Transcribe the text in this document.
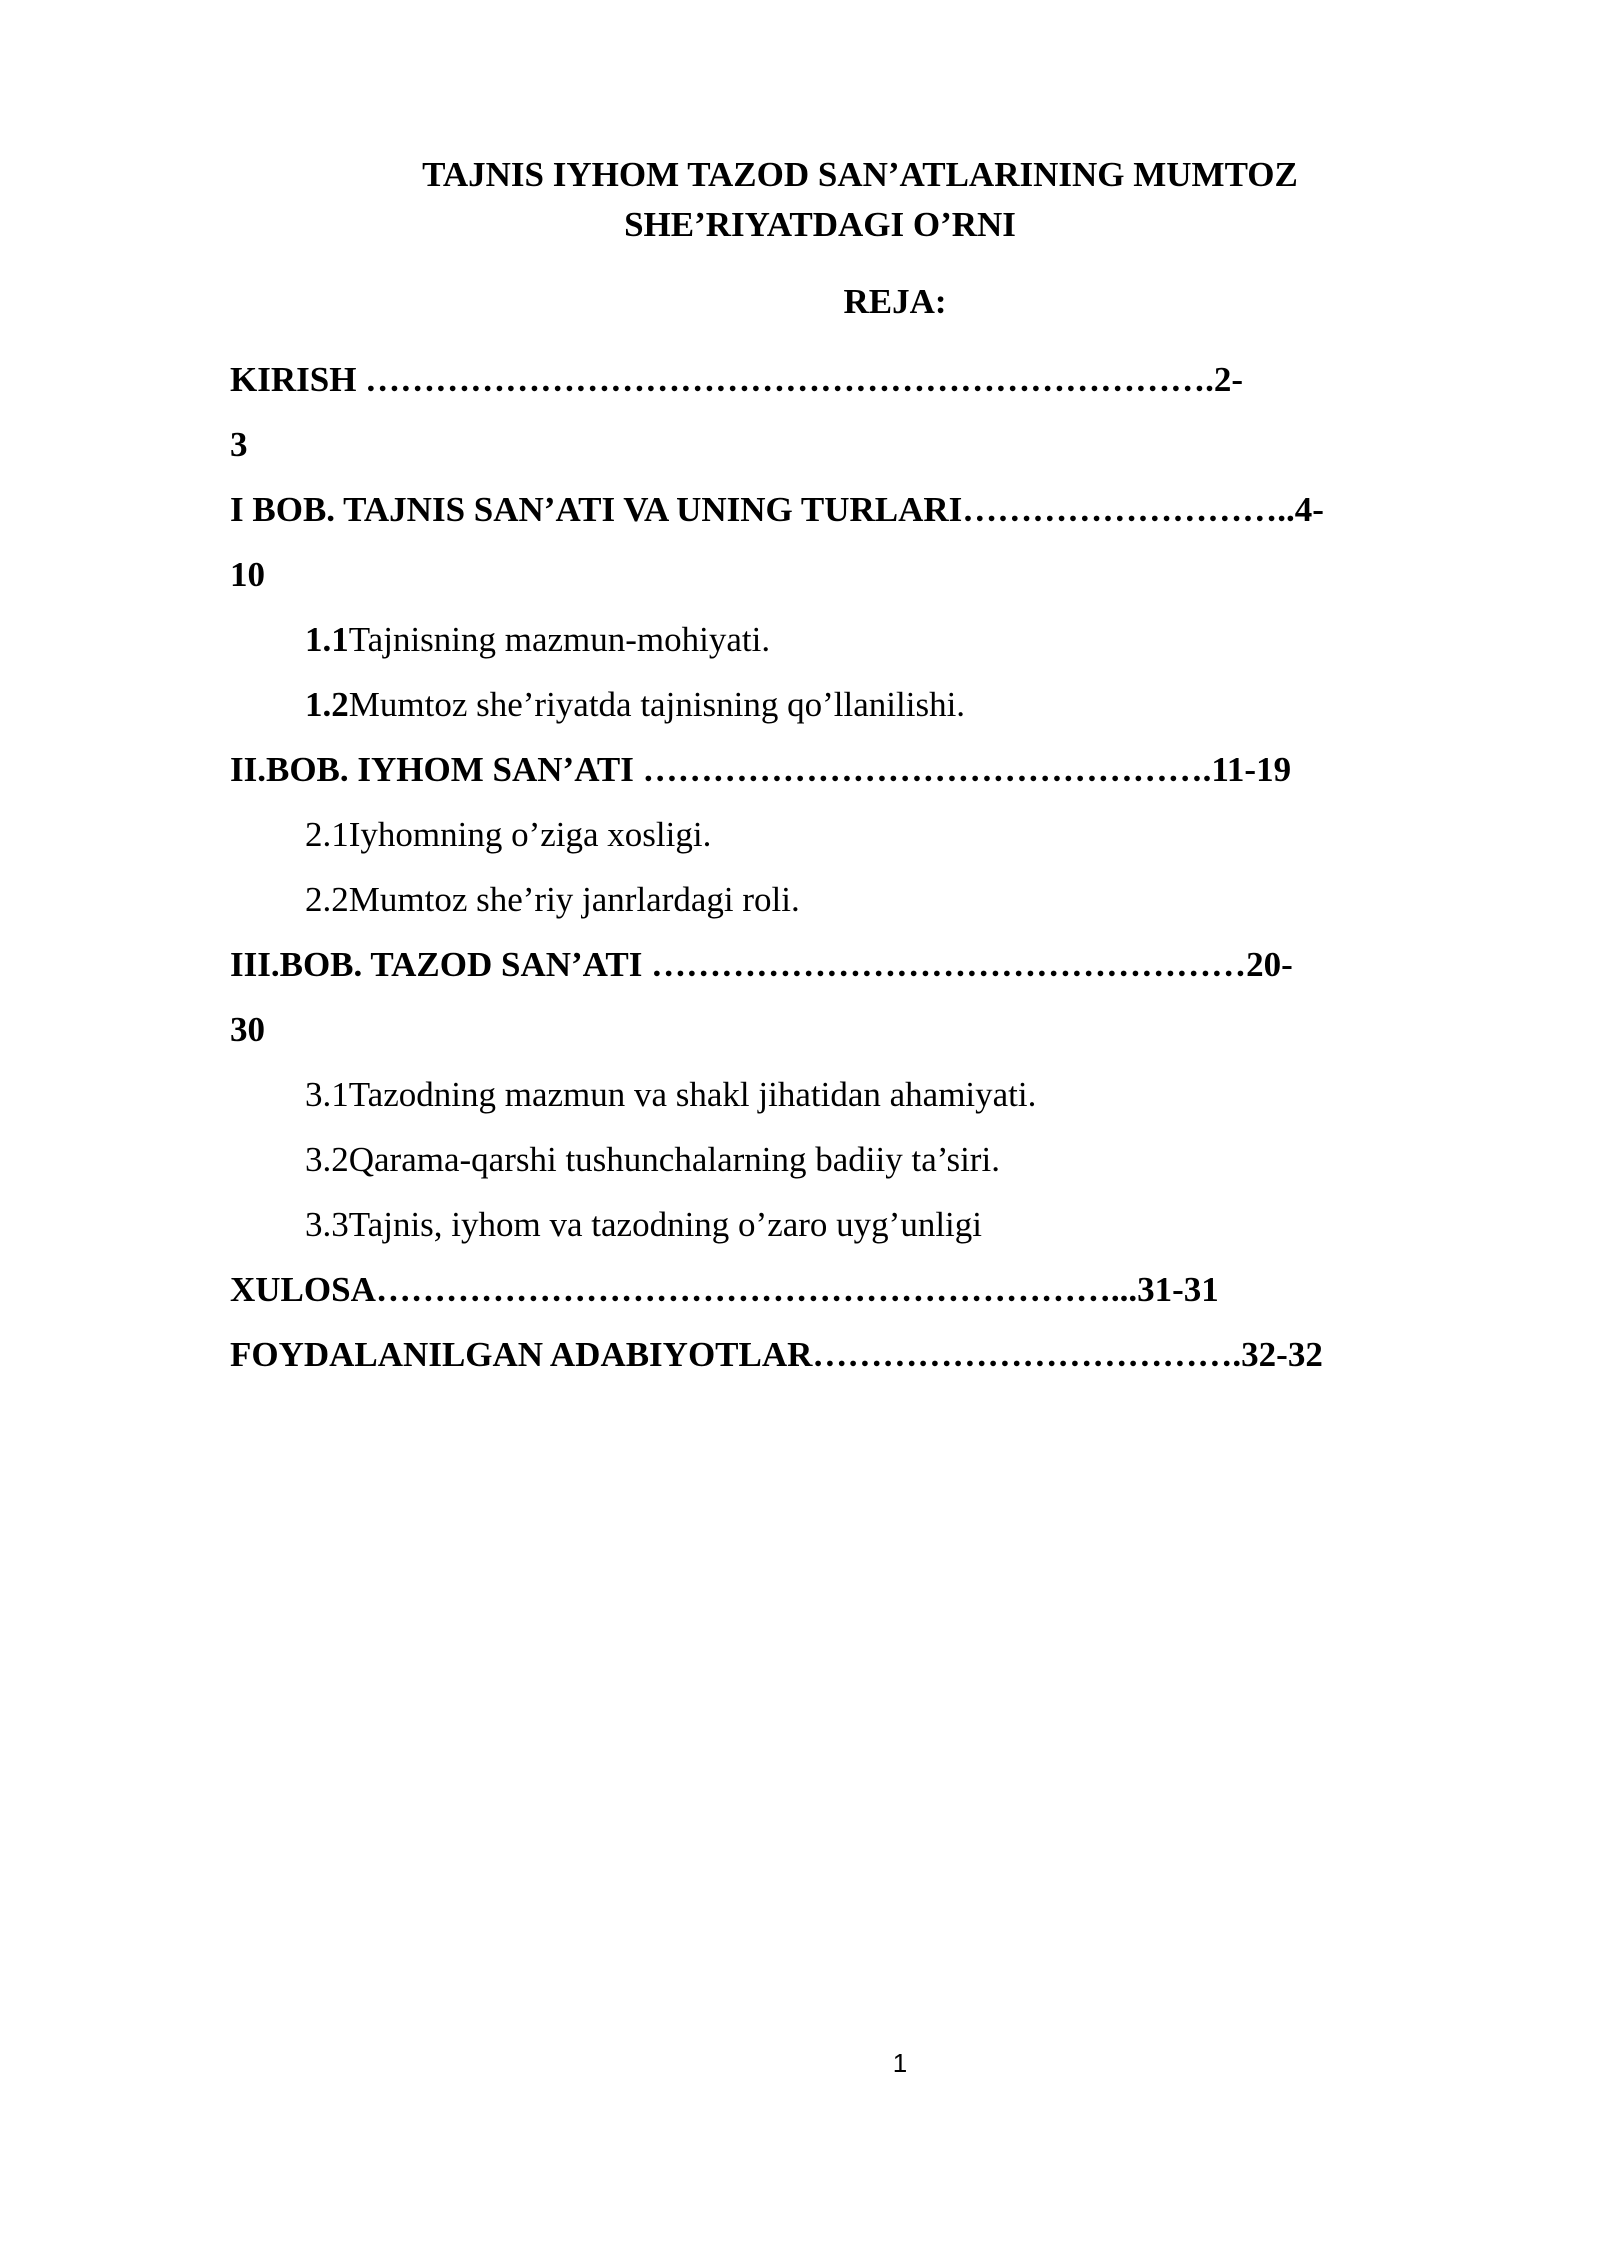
TAJNIS IYHOM TAZOD SAN’ATLARINING MUMTOZ
SHE’RIYATDAGI O’RNI
REJA:
KIRISH ……………………………………………………………….2-
3
I BOB. TAJNIS SAN’ATI VA UNING TURLARI………………………..4-
10
1.1Tajnisning mazmun-mohiyati.
1.2Mumtoz she’riyatda tajnisning qo’llanilishi.
II.BOB. IYHOM SAN’ATI ………………………………………….11-19
2.1Iyhomning o’ziga xosligi.
2.2Mumtoz she’riy janrlardagi roli.
III.BOB. TAZOD SAN’ATI ……………………………………………20-
30
3.1Tazodning mazmun va shakl jihatidan ahamiyati.
3.2Qarama-qarshi tushunchalarning badiiy ta’siri.
3.3Tajnis, iyhom va tazodning o’zaro uyg’unligi
XULOSA………………………………………………………...31-31
FOYDALANILGAN ADABIYOTLAR……………………………….32-32
1
